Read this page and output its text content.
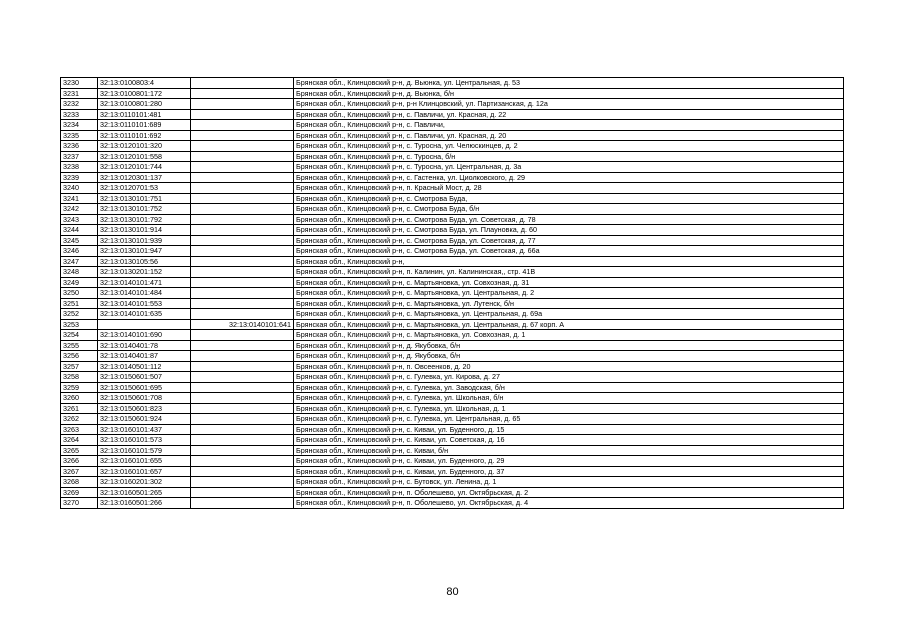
3230	32:13:0100803:4		Брянская обл., Клинцовский р-н, д. Вьюнка, ул. Центральная, д. 53
3231	32:13:0100801:172		Брянская обл., Клинцовский р-н, д. Вьюнка, б/н
3232	32:13:0100801:280		Брянская обл., Клинцовский р-н, р-н Клинцовский, ул. Партизанская, д. 12а
3233	32:13:0110101:481		Брянская обл., Клинцовский р-н, с. Павличи, ул. Красная, д. 22
3234	32:13:0110101:689		Брянская обл., Клинцовский р-н, с. Павличи,
3235	32:13:0110101:692		Брянская обл., Клинцовский р-н, с. Павличи, ул. Красная, д. 20
3236	32:13:0120101:320		Брянская обл., Клинцовский р-н, с. Туросна, ул. Челюскинцев, д. 2
3237	32:13:0120101:558		Брянская обл., Клинцовский р-н, с. Туросна, б/н
3238	32:13:0120101:744		Брянская обл., Клинцовский р-н, с. Туросна, ул. Центральная, д. 3а
3239	32:13:0120301:137		Брянская обл., Клинцовский р-н, с. Гастенка, ул. Циолковского, д. 29
3240	32:13:0120701:53		Брянская обл., Клинцовский р-н, п. Красный Мост, д. 28
3241	32:13:0130101:751		Брянская обл., Клинцовский р-н, с. Смотрова Буда,
3242	32:13:0130101:752		Брянская обл., Клинцовский р-н, с. Смотрова Буда, б/н
3243	32:13:0130101:792		Брянская обл., Клинцовский р-н, с. Смотрова Буда, ул. Советская, д. 78
3244	32:13:0130101:914		Брянская обл., Клинцовский р-н, с. Смотрова Буда, ул. Плауновка, д. 60
3245	32:13:0130101:939		Брянская обл., Клинцовский р-н, с. Смотрова Буда, ул. Советская, д. 77
3246	32:13:0130101:947		Брянская обл., Клинцовский р-н, с. Смотрова Буда, ул. Советская, д. 66а
3247	32:13:0130105:56		Брянская обл., Клинцовский р-н,
3248	32:13:0130201:152		Брянская обл., Клинцовский р-н, п. Калинин, ул. Калининская,, стр. 41В
3249	32:13:0140101:471		Брянская обл., Клинцовский р-н, с. Мартьяновка, ул. Совхозная, д. 31
3250	32:13:0140101:484		Брянская обл., Клинцовский р-н, с. Мартьяновка, ул. Центральная, д. 2
3251	32:13:0140101:553		Брянская обл., Клинцовский р-н, с. Мартьяновка, ул. Лутенск, б/н
3252	32:13:0140101:635		Брянская обл., Клинцовский р-н, с. Мартьяновка, ул. Центральная, д. 69а
3253		32:13:0140101:641	Брянская обл., Клинцовский р-н, с. Мартьяновка, ул. Центральная, д. 67 корп. А
3254	32:13:0140101:690		Брянская обл., Клинцовский р-н, с. Мартьяновка, ул. Совхозная, д. 1
3255	32:13:0140401:78		Брянская обл., Клинцовский р-н, д. Якубовка, б/н
3256	32:13:0140401:87		Брянская обл., Клинцовский р-н, д. Якубовка, б/н
3257	32:13:0140501:112		Брянская обл., Клинцовский р-н, п. Овсеенков, д. 20
3258	32:13:0150601:507		Брянская обл., Клинцовский р-н, с. Гулевка, ул. Кирова, д. 27
3259	32:13:0150601:695		Брянская обл., Клинцовский р-н, с. Гулевка, ул. Заводская, б/н
3260	32:13:0150601:708		Брянская обл., Клинцовский р-н, с. Гулевка, ул. Школьная, б/н
3261	32:13:0150601:823		Брянская обл., Клинцовский р-н, с. Гулевка, ул. Школьная, д. 1
3262	32:13:0150601:924		Брянская обл., Клинцовский р-н, с. Гулевка, ул. Центральная, д. 65
3263	32:13:0160101:437		Брянская обл., Клинцовский р-н, с. Киваи, ул. Буденного, д. 15
3264	32:13:0160101:573		Брянская обл., Клинцовский р-н, с. Киваи, ул. Советская, д. 16
3265	32:13:0160101:579		Брянская обл., Клинцовский р-н, с. Киваи, б/н
3266	32:13:0160101:655		Брянская обл., Клинцовский р-н, с. Киваи, ул. Буденного, д. 29
3267	32:13:0160101:657		Брянская обл., Клинцовский р-н, с. Киваи, ул. Буденного, д. 37
3268	32:13:0160201:302		Брянская обл., Клинцовский р-н, с. Бутовск, ул. Ленина, д. 1
3269	32:13:0160501:265		Брянская обл., Клинцовский р-н, п. Оболешево, ул. Октябрьская, д. 2
3270	32:13:0160501:266		Брянская обл., Клинцовский р-н, п. Оболешево, ул. Октябрьская, д. 4
80
